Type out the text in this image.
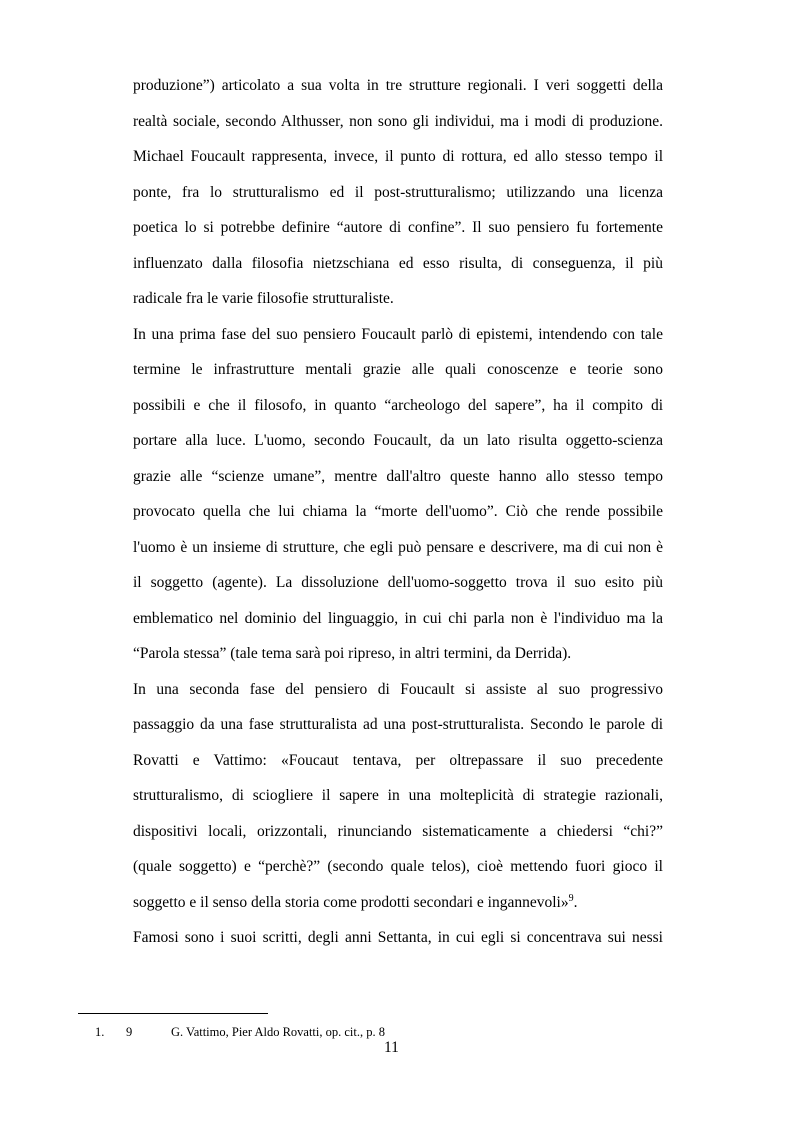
produzione”) articolato a sua volta in tre strutture regionali. I veri soggetti della
realtà sociale, secondo Althusser, non sono gli individui, ma i modi di produzione.
Michael Foucault rappresenta, invece, il punto di rottura, ed allo stesso tempo il
ponte, fra lo strutturalismo ed il post-strutturalismo; utilizzando una licenza
poetica lo si potrebbe definire “autore di confine”. Il suo pensiero fu fortemente
influenzato dalla filosofia nietzschiana ed esso risulta, di conseguenza, il più
radicale fra le varie filosofie strutturaliste.
In una prima fase del suo pensiero Foucault parlò di epistemi, intendendo con tale
termine le infrastrutture mentali grazie alle quali conoscenze e teorie sono
possibili e che il filosofo, in quanto “archeologo del sapere”, ha il compito di
portare alla luce. L'uomo, secondo Foucault, da un lato risulta oggetto-scienza
grazie alle “scienze umane”, mentre dall'altro queste hanno allo stesso tempo
provocato quella che lui chiama la “morte dell'uomo”. Ciò che rende possibile
l'uomo è un insieme di strutture, che egli può pensare e descrivere, ma di cui non è
il soggetto (agente). La dissoluzione dell'uomo-soggetto trova il suo esito più
emblematico nel dominio del linguaggio, in cui chi parla non è l'individuo ma la
“Parola stessa” (tale tema sarà poi ripreso, in altri termini, da Derrida).
In una seconda fase del pensiero di Foucault si assiste al suo progressivo
passaggio da una fase strutturalista ad una post-strutturalista. Secondo le parole di
Rovatti e Vattimo: «Foucaut tentava, per oltrepassare il suo precedente
strutturalismo, di sciogliere il sapere in una molteplicità di strategie razionali,
dispositivi locali, orizzontali, rinunciando sistematicamente a chiedersi “chi?”
(quale soggetto) e “perchè?” (secondo quale telos), cioè mettendo fuori gioco il
soggetto e il senso della storia come prodotti secondari e ingannevoli»$^9$.
Famosi sono i suoi scritti, degli anni Settanta, in cui egli si concentrava sui nessi
1. 9	G. Vattimo, Pier Aldo Rovatti, op. cit., p. 8
11
